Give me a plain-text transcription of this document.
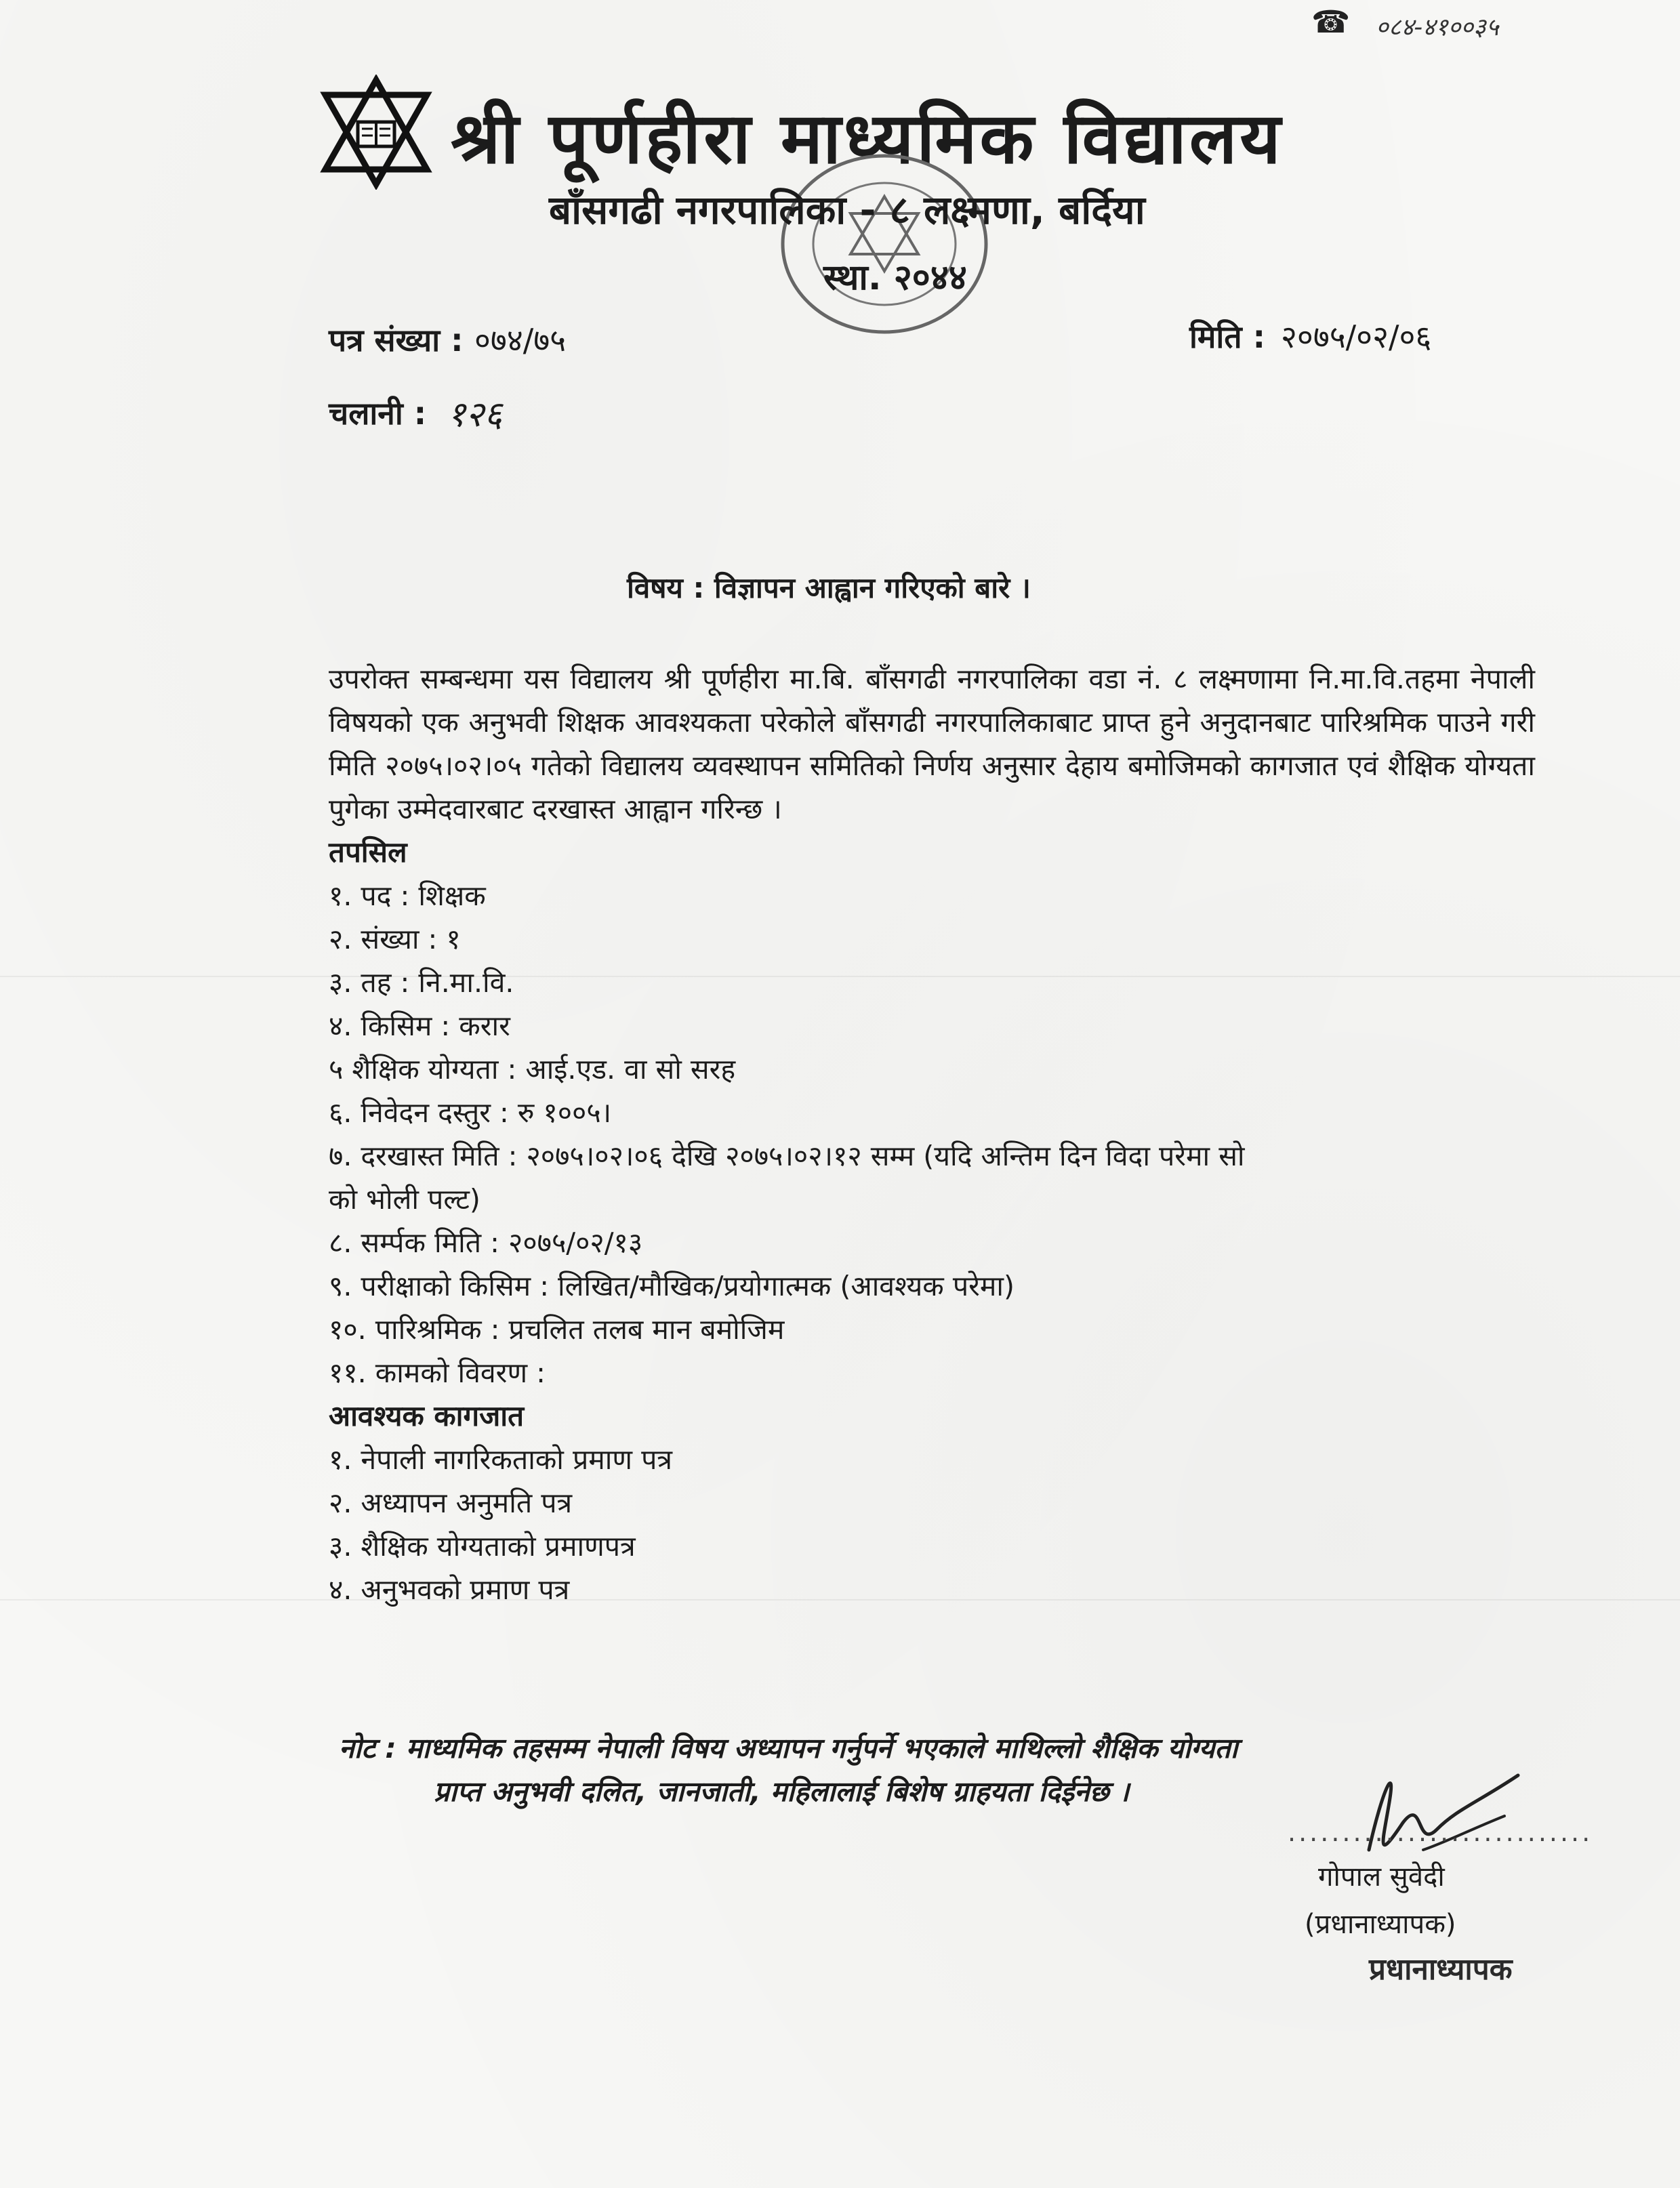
☎ ०८४-४१००३५
श्री पूर्णहीरा माध्यमिक विद्यालय
बाँसगढी नगरपालिका - ८ लक्ष्मणा, बर्दिया
स्था. २०४४
पत्र संख्या : ०७४/७५	मिति : २०७५/०२/०६
चलानी : १२६
विषय : विज्ञापन आह्वान गरिएको बारे ।
उपरोक्त सम्बन्धमा यस विद्यालय श्री पूर्णहीरा मा.बि. बाँसगढी नगरपालिका वडा नं. ८ लक्ष्मणामा नि.मा.वि.तहमा नेपाली विषयको एक अनुभवी शिक्षक आवश्यकता परेकोले बाँसगढी नगरपालिकाबाट प्राप्त हुने अनुदानबाट पारिश्रमिक पाउने गरी मिति २०७५।०२।०५ गतेको विद्यालय व्यवस्थापन समितिको निर्णय अनुसार देहाय बमोजिमको कागजात एवं शैक्षिक योग्यता पुगेका उम्मेदवारबाट दरखास्त आह्वान गरिन्छ ।
तपसिल
१. पद : शिक्षक
२. संख्या : १
३. तह : नि.मा.वि.
४. किसिम : करार
५ शैक्षिक योग्यता : आई.एड. वा सो सरह
६. निवेदन दस्तुर : रु १००५।
७. दरखास्त मिति : २०७५।०२।०६ देखि २०७५।०२।१२ सम्म (यदि अन्तिम दिन विदा परेमा सो
को भोली पल्ट)
८. सर्म्पक मिति : २०७५/०२/१३
९. परीक्षाको किसिम : लिखित/मौखिक/प्रयोगात्मक (आवश्यक परेमा)
१०. पारिश्रमिक : प्रचलित तलब मान बमोजिम
११. कामको विवरण :
आवश्यक कागजात
१. नेपाली नागरिकताको प्रमाण पत्र
२. अध्यापन अनुमति पत्र
३. शैक्षिक योग्यताको प्रमाणपत्र
४. अनुभवको प्रमाण पत्र
नोट : माध्यमिक तहसम्म नेपाली विषय अध्यापन गर्नुपर्ने भएकाले माथिल्लो शैक्षिक योग्यता
प्राप्त अनुभवी दलित, जानजाती, महिलालाई बिशेष ग्राहयता दिईनेछ ।
............................
गोपाल सुवेदी
(प्रधानाध्यापक)
प्रधानाध्यापक
